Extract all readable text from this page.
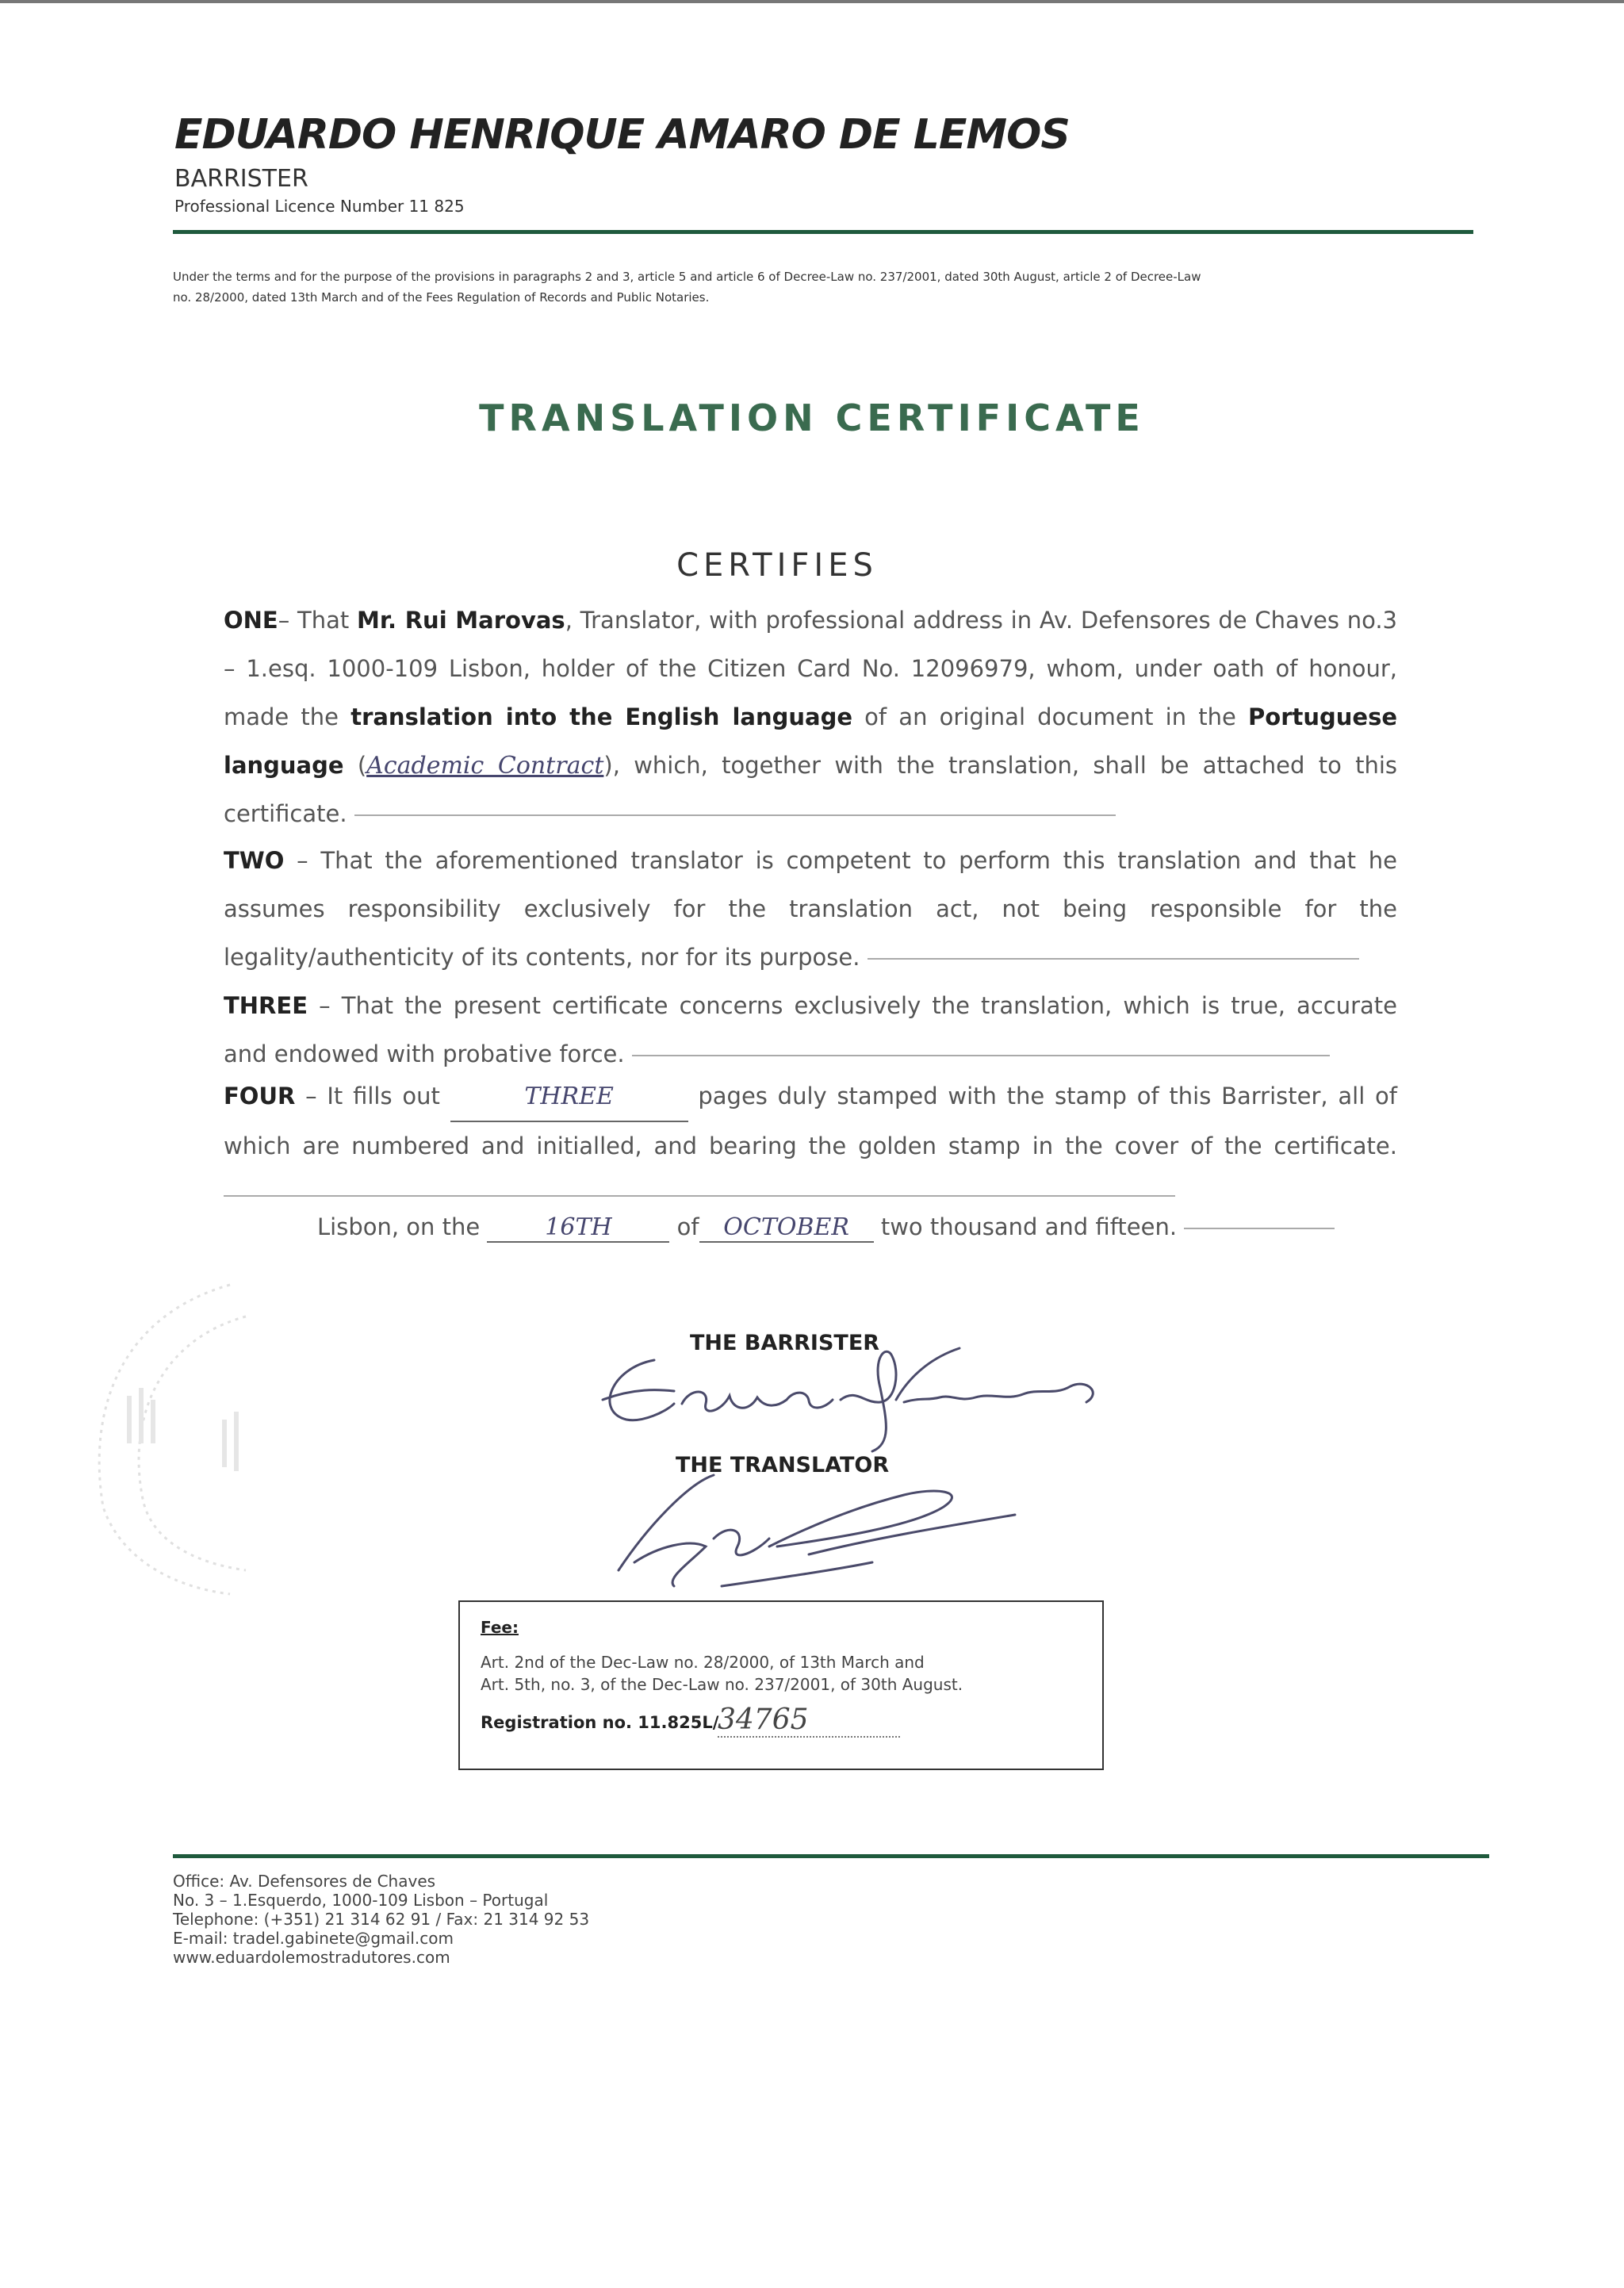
EDUARDO HENRIQUE AMARO DE LEMOS
BARRISTER
Professional Licence Number 11 825
Under the terms and for the purpose of the provisions in paragraphs 2 and 3, article 5 and article 6 of Decree-Law no. 237/2001, dated 30th August, article 2 of Decree-Law
no. 28/2000, dated 13th March and of the Fees Regulation of Records and Public Notaries.
TRANSLATION CERTIFICATE
CERTIFIES
ONE– That Mr. Rui Marovas, Translator, with professional address in Av. Defensores de Chaves no.3 – 1.esq. 1000-109 Lisbon, holder of the Citizen Card No. 12096979, whom, under oath of honour, made the translation into the English language of an original document in the Portuguese language (Academic Contract), which, together with the translation, shall be attached to this certificate.
TWO – That the aforementioned translator is competent to perform this translation and that he assumes responsibility exclusively for the translation act, not being responsible for the legality/authenticity of its contents, nor for its purpose.
THREE – That the present certificate concerns exclusively the translation, which is true, accurate and endowed with probative force.
FOUR – It fills out	THREE	pages duly stamped with the stamp of this Barrister, all of which are numbered and initialled, and bearing the golden stamp in the cover of the certificate.
Lisbon, on the	16TH	of OCTOBER two thousand and fifteen.
THE BARRISTER
THE TRANSLATOR
Fee:
Art. 2nd of the Dec-Law no. 28/2000, of 13th March and
Art. 5th, no. 3, of the Dec-Law no. 237/2001, of 30th August.
Registration no. 11.825L/
34765
Office: Av. Defensores de Chaves
No. 3 – 1.Esquerdo, 1000-109 Lisbon – Portugal
Telephone: (+351) 21 314 62 91 / Fax: 21 314 92 53
E-mail: tradel.gabinete@gmail.com
www.eduardolemostradutores.com
